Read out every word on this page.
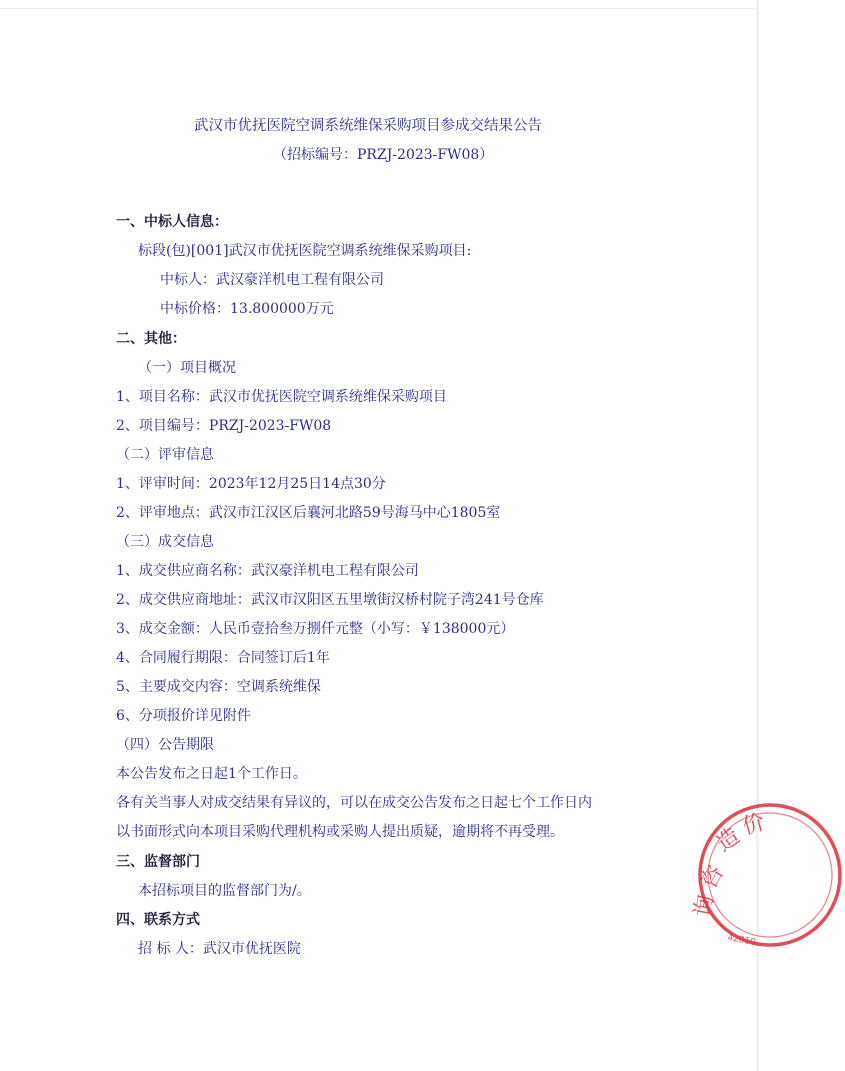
武汉市优抚医院空调系统维保采购项目参成交结果公告
（招标编号：PRZJ-2023-FW08）
一、中标人信息：
标段(包)[001]武汉市优抚医院空调系统维保采购项目:
中标人：武汉豪洋机电工程有限公司
中标价格：13.800000万元
二、其他：
（一）项目概况
1、项目名称：武汉市优抚医院空调系统维保采购项目
2、项目编号：PRZJ-2023-FW08
（二）评审信息
1、评审时间：2023年12月25日14点30分
2、评审地点：武汉市江汉区后襄河北路59号海马中心1805室
（三）成交信息
1、成交供应商名称：武汉豪洋机电工程有限公司
2、成交供应商地址：武汉市汉阳区五里墩街汉桥村院子湾241号仓库
3、成交金额：人民币壹拾叁万捌仟元整（小写：￥138000元）
4、合同履行期限：合同签订后1年
5、主要成交内容：空调系统维保
6、分项报价详见附件
（四）公告期限
本公告发布之日起1个工作日。
各有关当事人对成交结果有异议的，可以在成交公告发布之日起七个工作日内
以书面形式向本项目采购代理机构或采购人提出质疑，逾期将不再受理。
三、监督部门
本招标项目的监督部门为/。
四、联系方式
招 标 人：武汉市优抚医院
造
价
咨
询
42010
